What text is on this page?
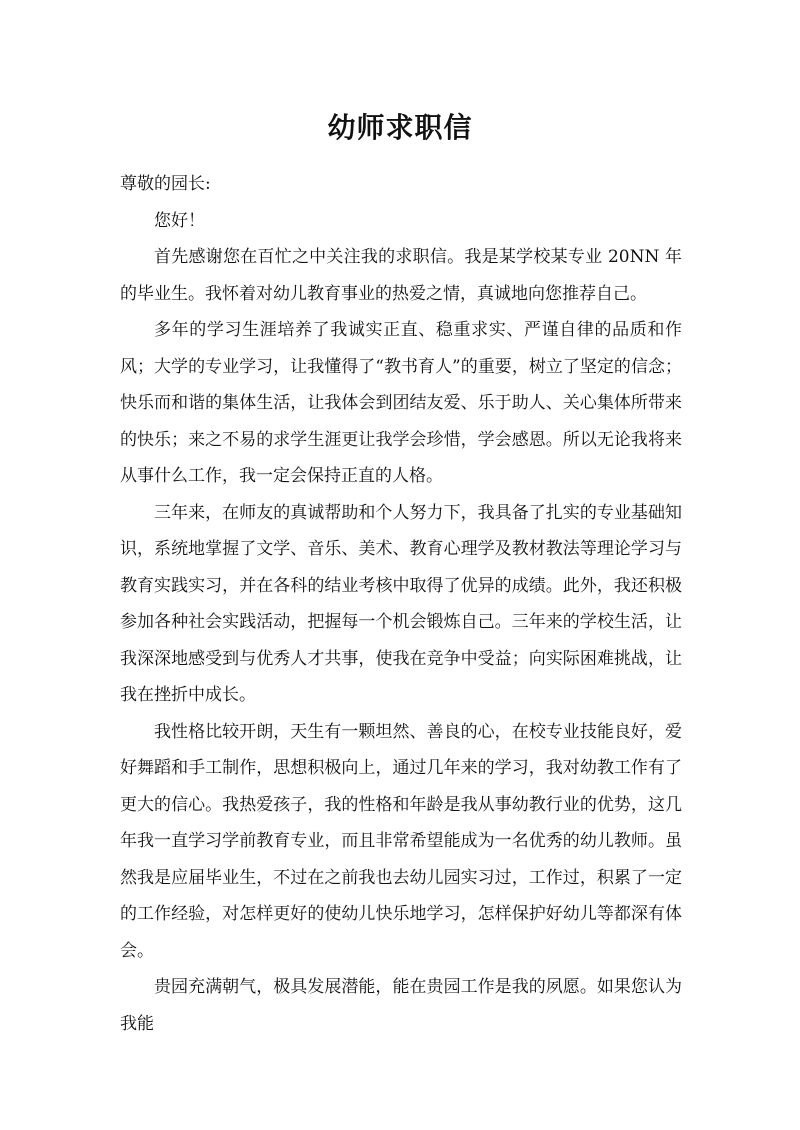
幼师求职信

尊敬的园长:

您好！

首先感谢您在百忙之中关注我的求职信。我是某学校某专业 20NN 年的毕业生。我怀着对幼儿教育事业的热爱之情，真诚地向您推荐自己。

多年的学习生涯培养了我诚实正直、稳重求实、严谨自律的品质和作风；大学的专业学习，让我懂得了“教书育人”的重要，树立了坚定的信念；快乐而和谐的集体生活，让我体会到团结友爱、乐于助人、关心集体所带来的快乐；来之不易的求学生涯更让我学会珍惜，学会感恩。所以无论我将来从事什么工作，我一定会保持正直的人格。

三年来，在师友的真诚帮助和个人努力下，我具备了扎实的专业基础知识，系统地掌握了文学、音乐、美术、教育心理学及教材教法等理论学习与教育实践实习，并在各科的结业考核中取得了优异的成绩。此外，我还积极参加各种社会实践活动，把握每一个机会锻炼自己。三年来的学校生活，让我深深地感受到与优秀人才共事，使我在竞争中受益；向实际困难挑战，让我在挫折中成长。

我性格比较开朗，天生有一颗坦然、善良的心，在校专业技能良好，爱好舞蹈和手工制作，思想积极向上，通过几年来的学习，我对幼教工作有了更大的信心。我热爱孩子，我的性格和年龄是我从事幼教行业的优势，这几年我一直学习学前教育专业，而且非常希望能成为一名优秀的幼儿教师。虽然我是应届毕业生，不过在之前我也去幼儿园实习过，工作过，积累了一定的工作经验，对怎样更好的使幼儿快乐地学习，怎样保护好幼儿等都深有体会。

贵园充满朝气，极具发展潜能，能在贵园工作是我的夙愿。如果您认为我能
